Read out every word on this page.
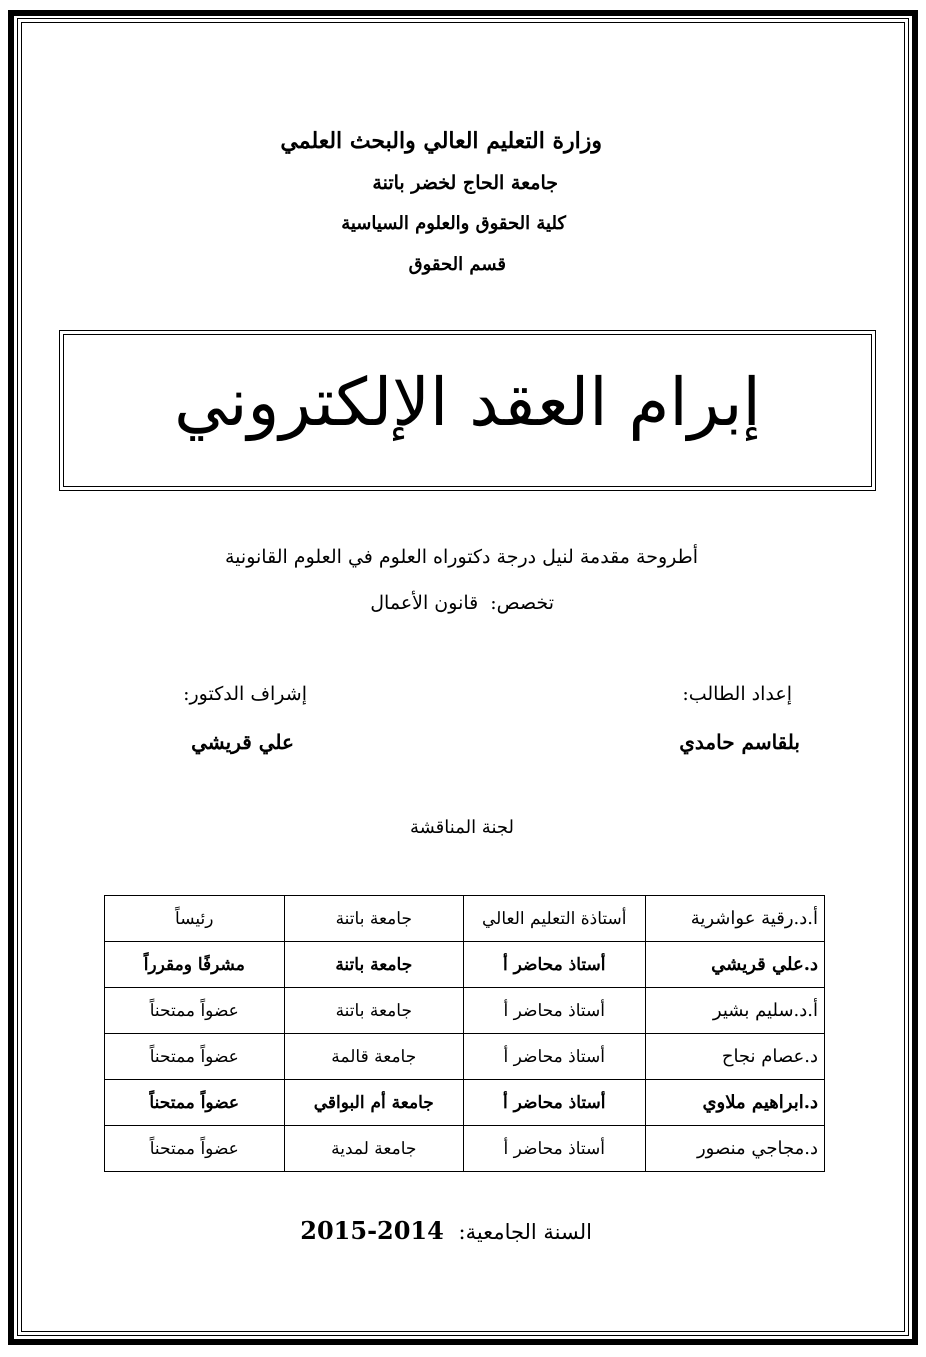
وزارة التعليم العالي والبحث العلمي
جامعة الحاج لخضر باتنة
كلية الحقوق والعلوم السياسية
قسم الحقوق
إبرام العقد الإلكتروني
أطروحة مقدمة لنيل درجة دكتوراه العلوم في العلوم القانونية
تخصص: قانون الأعمال
إعداد الطالب:
بلقاسم حامدي
إشراف الدكتور:
علي قريشي
لجنة المناقشة
أ.د.رقية عواشرية	أستاذة التعليم العالي	جامعة باتنة	رئيساً
د.علي قريشي	أستاذ محاضر أ	جامعة باتنة	مشرفًا ومقرراً
أ.د.سليم بشير	أستاذ محاضر أ	جامعة باتنة	عضواً ممتحناً
د.عصام نجاح	أستاذ محاضر أ	جامعة قالمة	عضواً ممتحناً
د.ابراهيم ملاوي	أستاذ محاضر أ	جامعة أم البواقي	عضواً ممتحناً
د.مجاجي منصور	أستاذ محاضر أ	جامعة لمدية	عضواً ممتحناً
السنة الجامعية: 2015-2014
